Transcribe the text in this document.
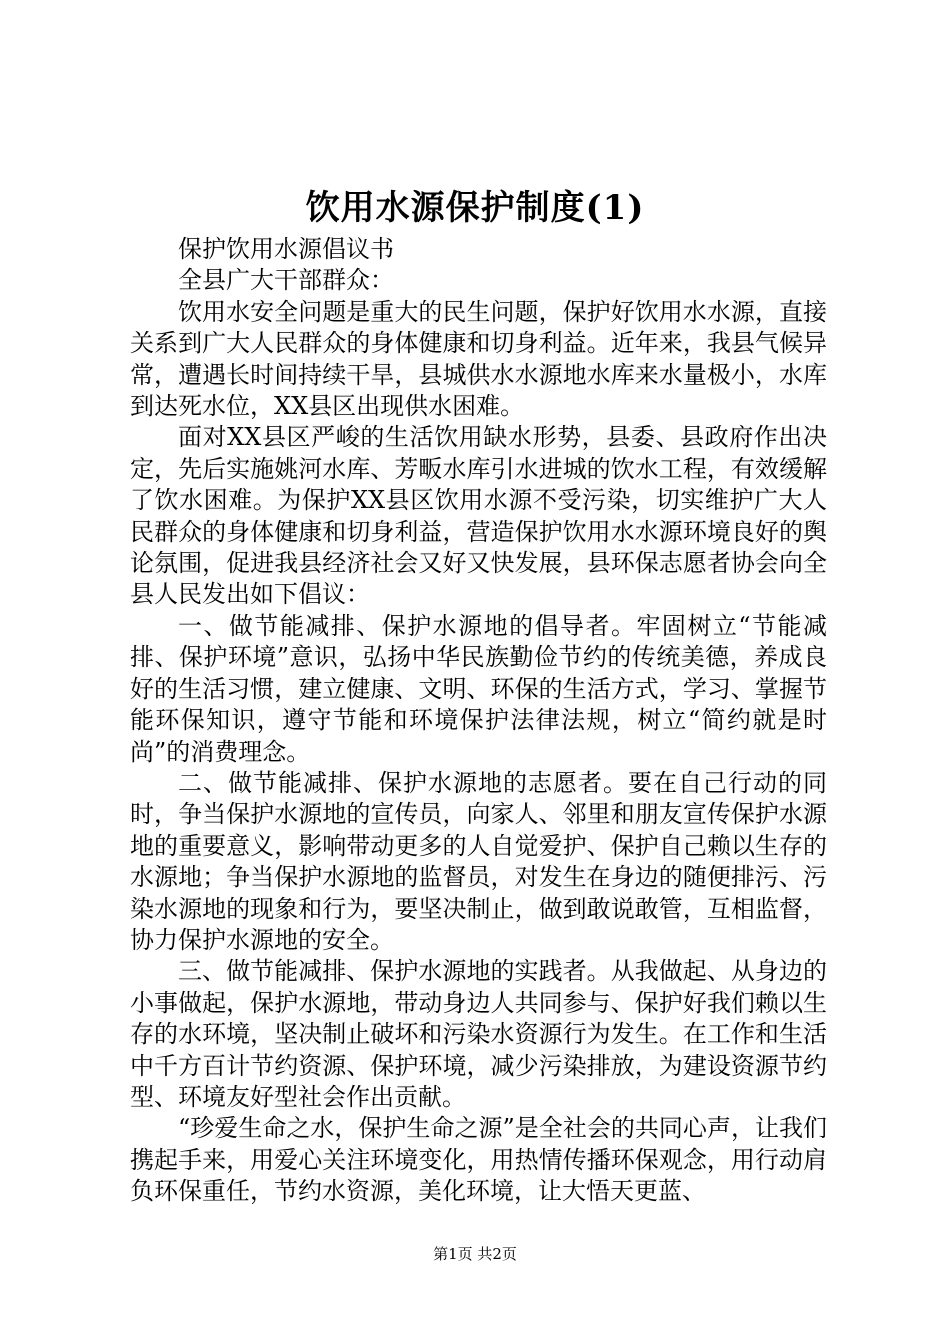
饮用水源保护制度(1)

保护饮用水源倡议书

全县广大干部群众：

饮用水安全问题是重大的民生问题，保护好饮用水水源，直接关系到广大人民群众的身体健康和切身利益。近年来，我县气候异常，遭遇长时间持续干旱，县城供水水源地水库来水量极小，水库到达死水位，XX县区出现供水困难。

面对XX县区严峻的生活饮用缺水形势，县委、县政府作出决定，先后实施姚河水库、芳畈水库引水进城的饮水工程，有效缓解了饮水困难。为保护XX县区饮用水源不受污染，切实维护广大人民群众的身体健康和切身利益，营造保护饮用水水源环境良好的舆论氛围，促进我县经济社会又好又快发展，县环保志愿者协会向全县人民发出如下倡议：

一、做节能减排、保护水源地的倡导者。牢固树立“节能减排、保护环境”意识，弘扬中华民族勤俭节约的传统美德，养成良好的生活习惯，建立健康、文明、环保的生活方式，学习、掌握节能环保知识，遵守节能和环境保护法律法规，树立“简约就是时尚”的消费理念。

二、做节能减排、保护水源地的志愿者。要在自己行动的同时，争当保护水源地的宣传员，向家人、邻里和朋友宣传保护水源地的重要意义，影响带动更多的人自觉爱护、保护自己赖以生存的水源地；争当保护水源地的监督员，对发生在身边的随便排污、污染水源地的现象和行为，要坚决制止，做到敢说敢管，互相监督，协力保护水源地的安全。

三、做节能减排、保护水源地的实践者。从我做起、从身边的小事做起，保护水源地，带动身边人共同参与、保护好我们赖以生存的水环境，坚决制止破坏和污染水资源行为发生。在工作和生活中千方百计节约资源、保护环境，减少污染排放，为建设资源节约型、环境友好型社会作出贡献。

“珍爱生命之水，保护生命之源”是全社会的共同心声，让我们携起手来，用爱心关注环境变化，用热情传播环保观念，用行动肩负环保重任，节约水资源，美化环境，让大悟天更蓝、

第1页 共2页
